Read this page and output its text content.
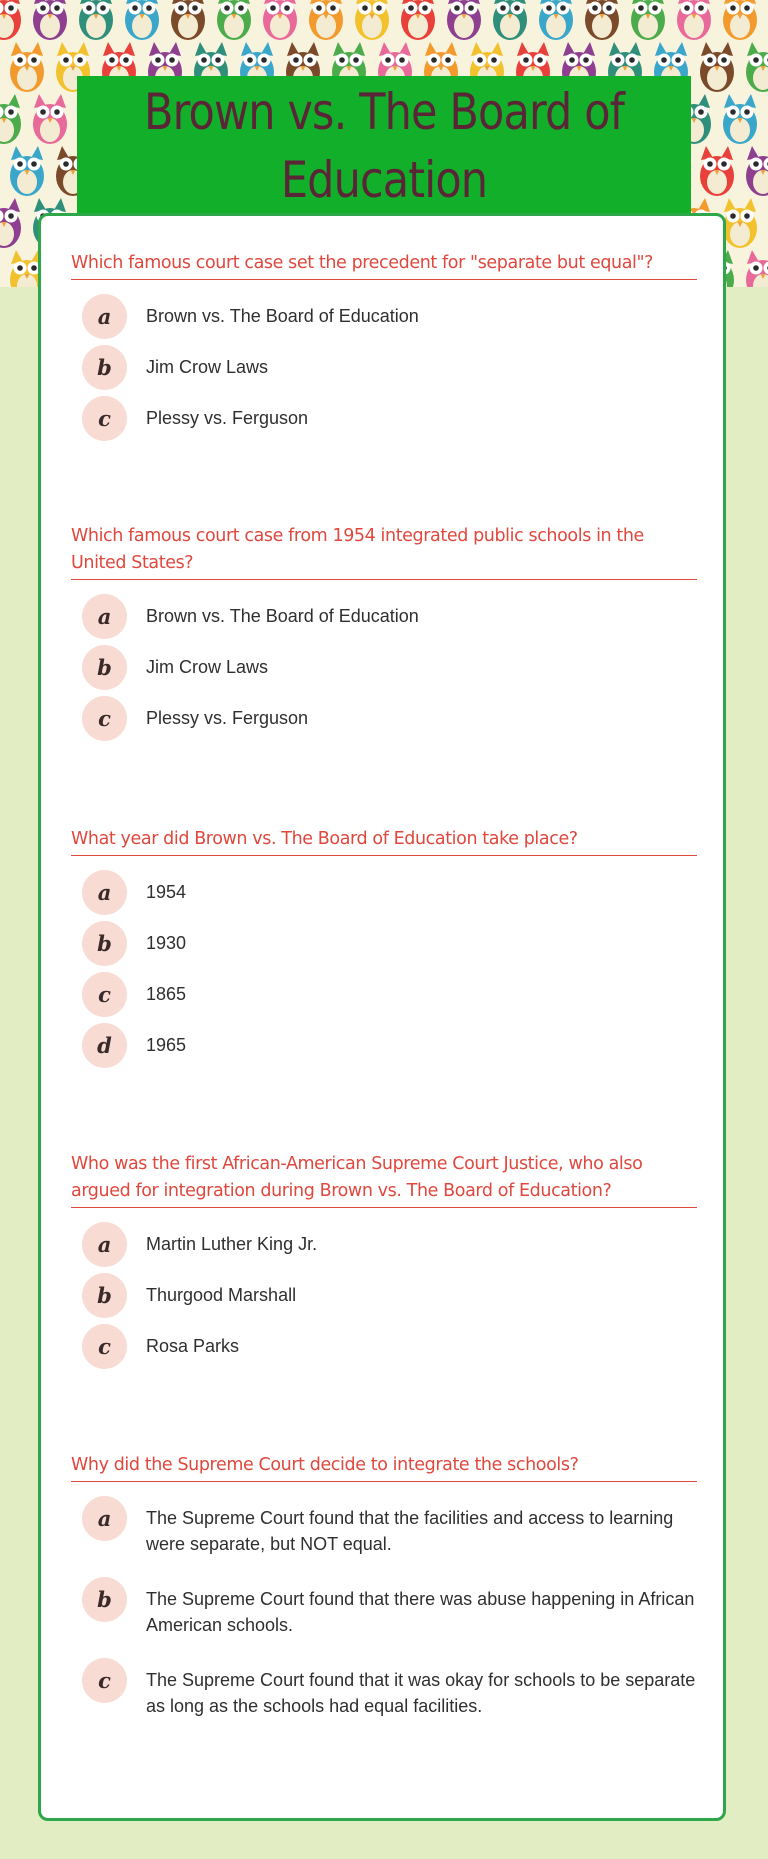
Brown vs. The Board of Education
Which famous court case set the precedent for "separate but equal"?
a	Brown vs. The Board of Education
b	Jim Crow Laws
c	Plessy vs. Ferguson
Which famous court case from 1954 integrated public schools in the United States?
a	Brown vs. The Board of Education
b	Jim Crow Laws
c	Plessy vs. Ferguson
What year did Brown vs. The Board of Education take place?
a	1954
b	1930
c	1865
d	1965
Who was the first African-American Supreme Court Justice, who also argued for integration during Brown vs. The Board of Education?
a	Martin Luther King Jr.
b	Thurgood Marshall
c	Rosa Parks
Why did the Supreme Court decide to integrate the schools?
a	The Supreme Court found that the facilities and access to learning were separate, but NOT equal.
b	The Supreme Court found that there was abuse happening in African American schools.
c	The Supreme Court found that it was okay for schools to be separate as long as the schools had equal facilities.
